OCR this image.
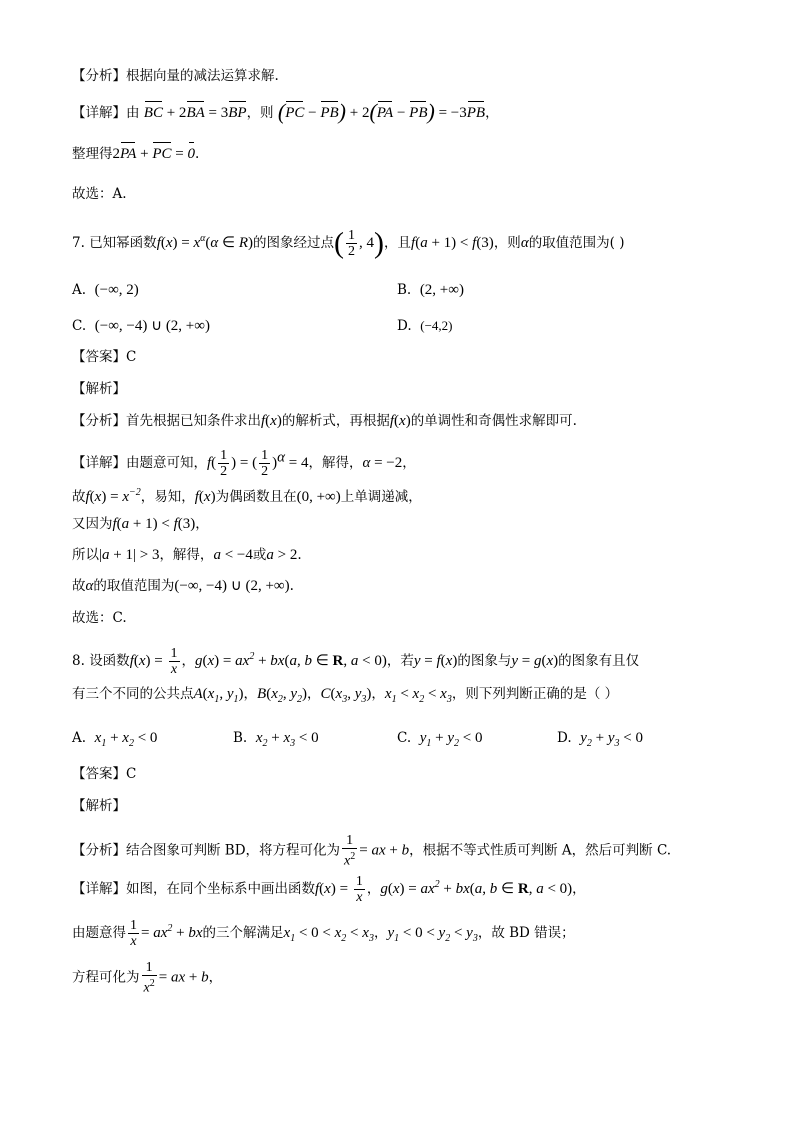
【分析】根据向量的减法运算求解.
【详解】由 BC + 2BA = 3BP，则 (PC − PB) + 2(PA − PB) = −3PB，
整理得2PA + PC = 0.
故选：A.
7. 已知幂函数$f(x) = x^\alpha(\alpha$ ∈ R)的图象经过点( $\frac{1}{2}$ , 4)，且f(a + 1) < f(3)，则α的取值范围为( )
A. (−∞, 2)	B. (2, +∞)
C. (−∞, −4) ∪ (2, +∞)	D. (−4,2)
【答案】C
【解析】
【分析】首先根据已知条件求出f(x)的解析式，再根据f(x)的单调性和奇偶性求解即可.
【详解】由题意可知，$f( \frac{1}{2}$ ) = ( $\frac{1}{2} )^\alpha = 4$，解得，α = −2，
故$f(x) = x^{-2}$，易知，f(x)为偶函数且在(0, +∞)上单调递减，
又因为f(a + 1) < f(3)，
所以|a + 1| > 3，解得，a < −4或a > 2.
故α的取值范围为(−∞, −4) ∪ (2, +∞).
故选：C.
8. 设函数$f(x) = \frac{1}{x}$ ，$g(x) = ax^2 + bx(a$, b ∈ R, a < 0)，若y = f(x)的图象与y = g(x)的图象有且仅
有三个不同的公共点$A(x_1$, $y_1$)，$B(x_2$, $y_2$)，$C(x_3$, $y_3$)，$x_1 < x_2 < x_3$，则下列判断正确的是（ ）
A. $x_1 + x_2 < 0$	B. $x_2 + x_3 < 0$	C. $y_1 + y_2 < 0$	D. $y_2 + y_3 < 0$
【答案】C
【解析】
【分析】结合图象可判断 BD，将方程可化为 $\frac{1}{x^2}$ = ax + b，根据不等式性质可判断 A，然后可判断 C.
【详解】如图，在同个坐标系中画出函数$f(x) = \frac{1}{x}$ ，$g(x) = ax^2 + bx(a$, b ∈ R, a < 0)，
由题意得 $\frac{1}{x} = ax^2$ + bx的三个解满足$x_1 < 0 < x_2 < x_3$，$y_1 < 0 < y_2 < y_3$，故 BD 错误；
方程可化为 $\frac{1}{x^2}$ = ax + b，
